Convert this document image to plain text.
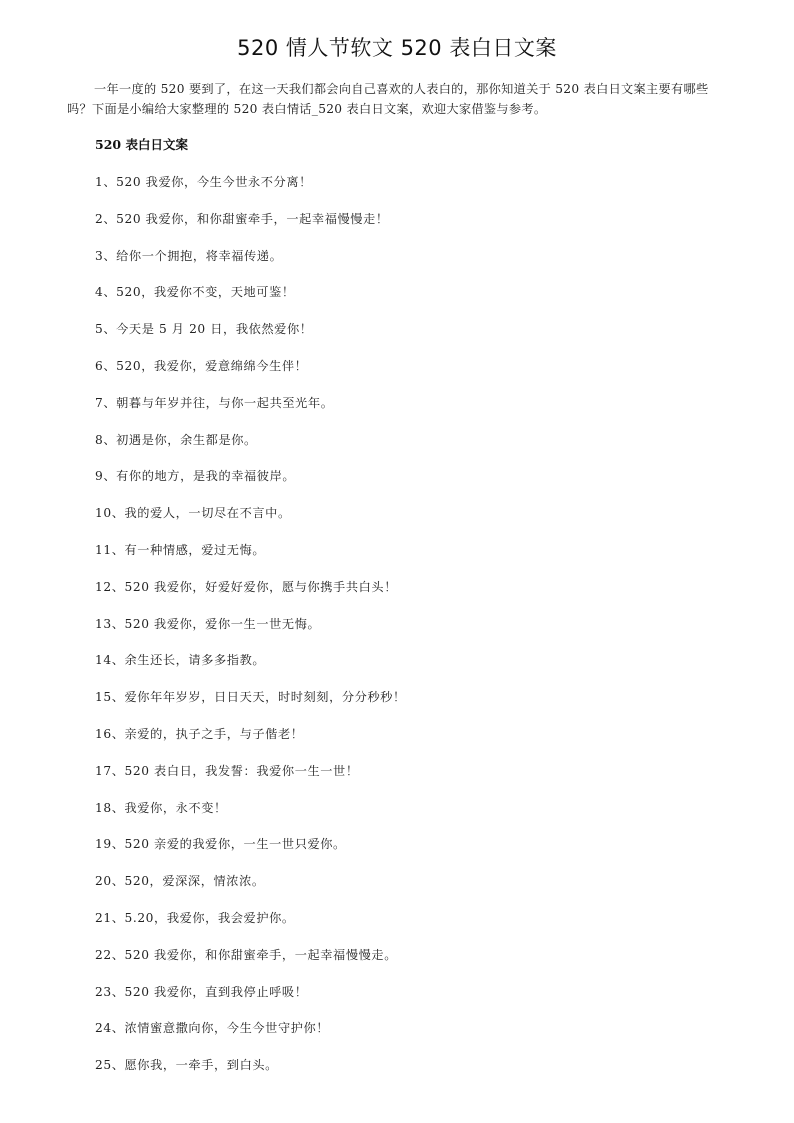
520 情人节软文 520 表白日文案

一年一度的 520 要到了，在这一天我们都会向自己喜欢的人表白的，那你知道关于 520 表白日文案主要有哪些吗？下面是小编给大家整理的 520 表白情话_520 表白日文案，欢迎大家借鉴与参考。

520 表白日文案
1、520 我爱你，今生今世永不分离！
2、520 我爱你，和你甜蜜牵手，一起幸福慢慢走！
3、给你一个拥抱，将幸福传递。
4、520，我爱你不变，天地可鉴！
5、今天是 5 月 20 日，我依然爱你！
6、520，我爱你，爱意绵绵今生伴！
7、朝暮与年岁并往，与你一起共至光年。
8、初遇是你，余生都是你。
9、有你的地方，是我的幸福彼岸。
10、我的爱人，一切尽在不言中。
11、有一种情感，爱过无悔。
12、520 我爱你，好爱好爱你，愿与你携手共白头！
13、520 我爱你，爱你一生一世无悔。
14、余生还长，请多多指教。
15、爱你年年岁岁，日日天天，时时刻刻，分分秒秒！
16、亲爱的，执子之手，与子偕老！
17、520 表白日，我发誓：我爱你一生一世！
18、我爱你，永不变！
19、520 亲爱的我爱你，一生一世只爱你。
20、520，爱深深，情浓浓。
21、5.20，我爱你，我会爱护你。
22、520 我爱你，和你甜蜜牵手，一起幸福慢慢走。
23、520 我爱你，直到我停止呼吸！
24、浓情蜜意撒向你，今生今世守护你！
25、愿你我，一牵手，到白头。
